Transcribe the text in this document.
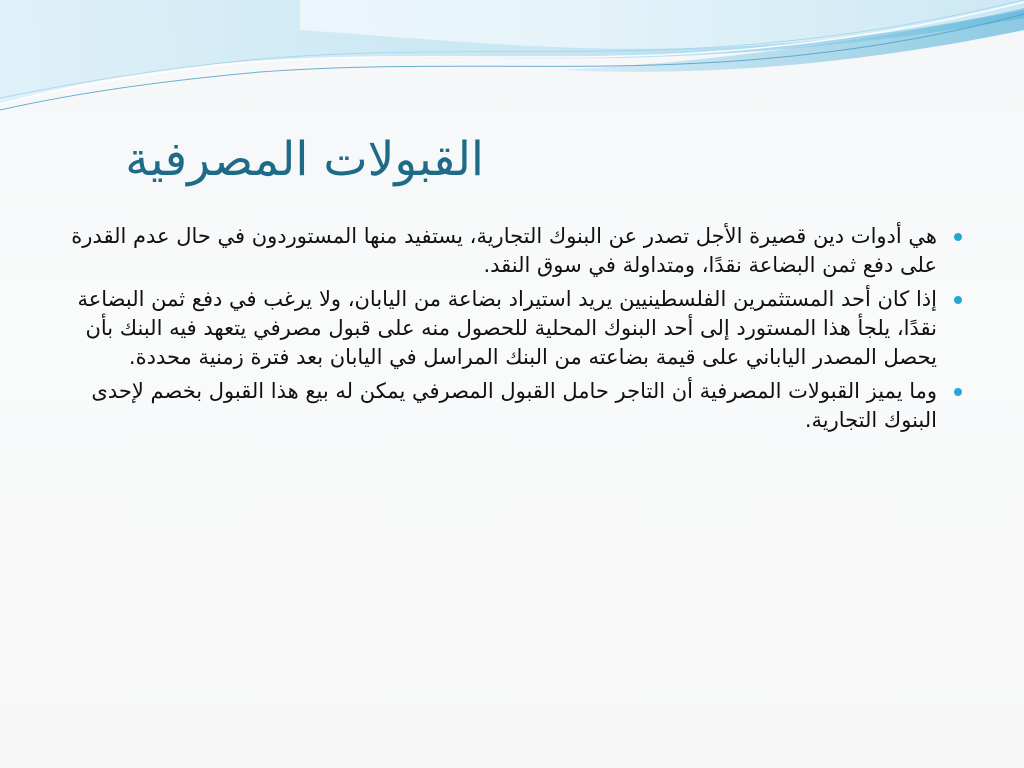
القبولات المصرفية
هي أدوات دين قصيرة الأجل تصدر عن البنوك التجارية، يستفيد منها المستوردون في حال عدم القدرة على دفع ثمن البضاعة نقدًا، ومتداولة في سوق النقد.
إذا كان أحد المستثمرين الفلسطينيين يريد استيراد بضاعة من اليابان، ولا يرغب في دفع ثمن البضاعة نقدًا، يلجأ هذا المستورد إلى أحد البنوك المحلية للحصول منه على قبول مصرفي يتعهد فيه البنك بأن يحصل المصدر الياباني على قيمة بضاعته من البنك المراسل في اليابان بعد فترة زمنية محددة.
وما يميز القبولات المصرفية أن التاجر حامل القبول المصرفي يمكن له بيع هذا القبول بخصم لإحدى البنوك التجارية.
